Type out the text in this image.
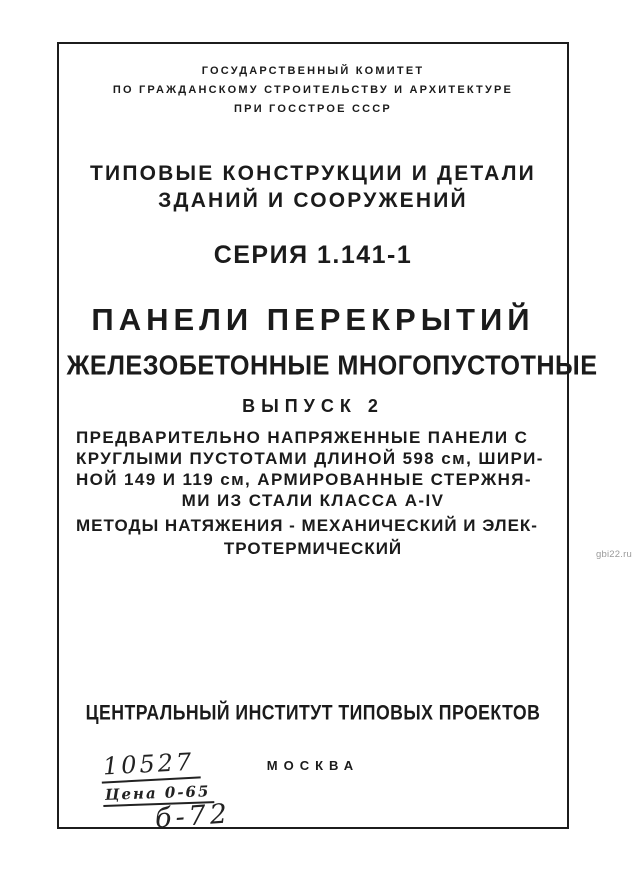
ГОСУДАРСТВЕННЫЙ КОМИТЕТ
ПО ГРАЖДАНСКОМУ СТРОИТЕЛЬСТВУ И АРХИТЕКТУРЕ
ПРИ ГОССТРОЕ СССР
ТИПОВЫЕ КОНСТРУКЦИИ И ДЕТАЛИ
ЗДАНИЙ И СООРУЖЕНИЙ
СЕРИЯ 1.141-1
ПАНЕЛИ ПЕРЕКРЫТИЙ
ЖЕЛЕЗОБЕТОННЫЕ МНОГОПУСТОТНЫЕ
ВЫПУСК 2
ПРЕДВАРИТЕЛЬНО НАПРЯЖЕННЫЕ ПАНЕЛИ С
КРУГЛЫМИ ПУСТОТАМИ ДЛИНОЙ 598 см, ШИРИ-
НОЙ 149 И 119 см, АРМИРОВАННЫЕ СТЕРЖНЯ-
МИ ИЗ СТАЛИ КЛАССА А-IV
МЕТОДЫ НАТЯЖЕНИЯ - МЕХАНИЧЕСКИЙ И ЭЛЕК-
ТРОТЕРМИЧЕСКИЙ
ЦЕНТРАЛЬНЫЙ ИНСТИТУТ ТИПОВЫХ ПРОЕКТОВ
МОСКВА
10527
Цена 0-65
б-72
gbi22.ru
